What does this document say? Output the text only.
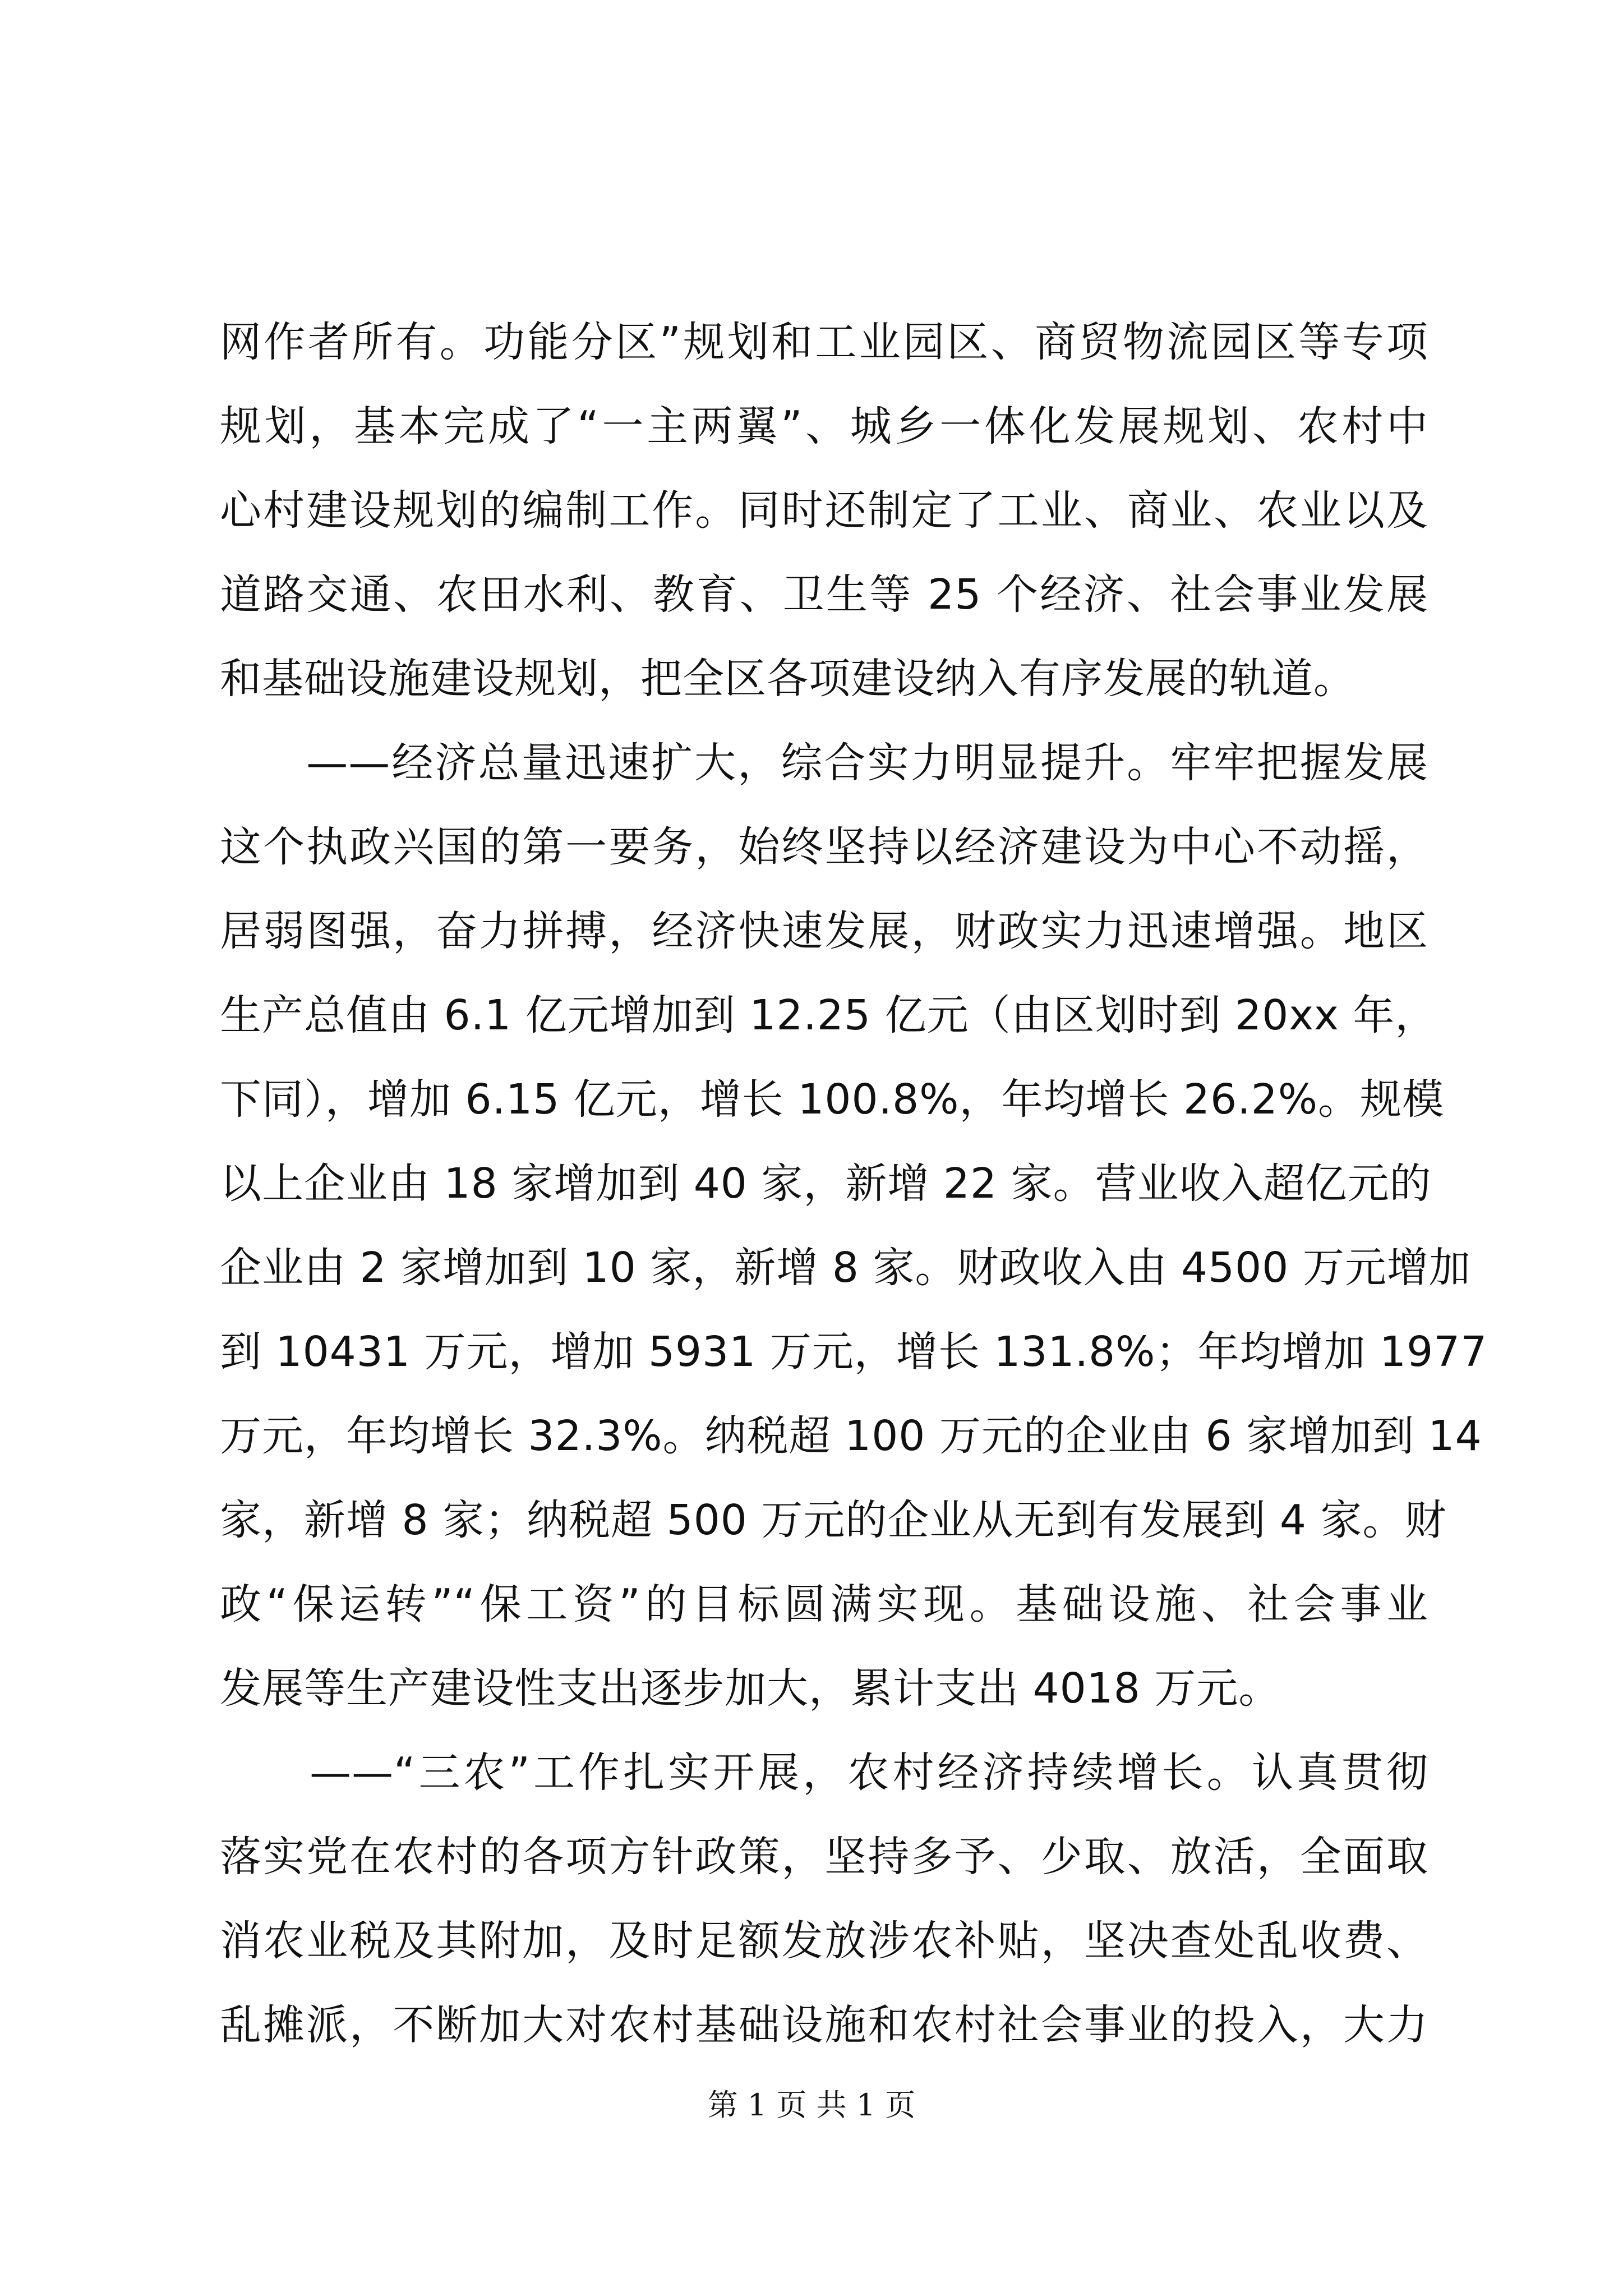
网作者所有。功能分区”规划和工业园区、商贸物流园区等专项
规划，基本完成了“一主两翼”、城乡一体化发展规划、农村中
心村建设规划的编制工作。同时还制定了工业、商业、农业以及
道路交通、农田水利、教育、卫生等 25 个经济、社会事业发展
和基础设施建设规划，把全区各项建设纳入有序发展的轨道。
　　——经济总量迅速扩大，综合实力明显提升。牢牢把握发展
这个执政兴国的第一要务，始终坚持以经济建设为中心不动摇，
居弱图强，奋力拼搏，经济快速发展，财政实力迅速增强。地区
生产总值由 6.1 亿元增加到 12.25 亿元（由区划时到 20xx 年，
下同），增加 6.15 亿元，增长 100.8%，年均增长 26.2%。规模
以上企业由 18 家增加到 40 家，新增 22 家。营业收入超亿元的
企业由 2 家增加到 10 家，新增 8 家。财政收入由 4500 万元增加
到 10431 万元，增加 5931 万元，增长 131.8%；年均增加 1977
万元，年均增长 32.3%。纳税超 100 万元的企业由 6 家增加到 14
家，新增 8 家；纳税超 500 万元的企业从无到有发展到 4 家。财
政“保运转”“保工资”的目标圆满实现。基础设施、社会事业
发展等生产建设性支出逐步加大，累计支出 4018 万元。
　　——“三农”工作扎实开展，农村经济持续增长。认真贯彻
落实党在农村的各项方针政策，坚持多予、少取、放活，全面取
消农业税及其附加，及时足额发放涉农补贴，坚决查处乱收费、
乱摊派，不断加大对农村基础设施和农村社会事业的投入，大力
第 1 页 共 1 页
